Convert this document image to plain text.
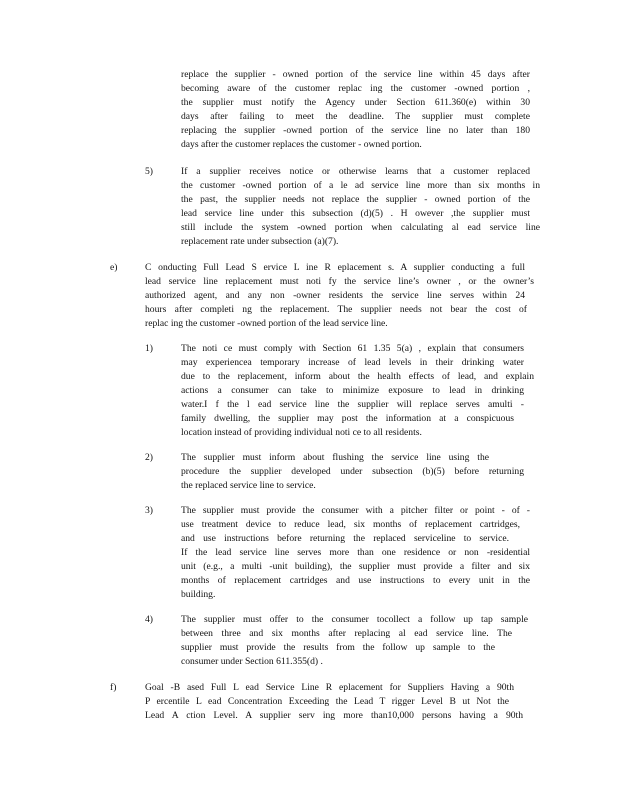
replace the supplier - owned portion of the service line within 45 days after
becoming aware of the customer replac ing the customer -owned portion ,
the supplier must notify the Agency under Section 611.360(e) within 30
days after failing to meet the deadline. The supplier must complete
replacing the supplier -owned portion of the service line no later than 180
days after the customer replaces the customer - owned portion.
5)	If a supplier receives notice or otherwise learns that a customer replaced
the customer -owned portion of a le ad service line more than six months in
the past, the supplier needs not replace the supplier - owned portion of the
lead service line under this subsection (d)(5) . H owever ,the supplier must
still include the system -owned portion when calculating al ead service line
replacement rate under subsection (a)(7).
e)	C onducting Full Lead S ervice L ine R eplacement s. A supplier conducting a full
lead service line replacement must noti fy the service line’s owner , or the owner’s
authorized agent, and any non -owner residents the service line serves within 24
hours after completi ng the replacement. The supplier needs not bear the cost of
replac ing the customer -owned portion of the lead service line.
1)	The noti ce must comply with Section 61 1.35 5(a) , explain that consumers
may experiencea temporary increase of lead levels in their drinking water
due to the replacement, inform about the health effects of lead, and explain
actions a consumer can take to minimize exposure to lead in drinking
water.I f the l ead service line the supplier will replace serves amulti -
family dwelling, the supplier may post the information at a conspicuous
location instead of providing individual noti ce to all residents.
2)	The supplier must inform about flushing the service line using the
procedure the supplier developed under subsection (b)(5) before returning
the replaced service line to service.
3)	The supplier must provide the consumer with a pitcher filter or point - of -
use treatment device to reduce lead, six months of replacement cartridges,
and use instructions before returning the replaced serviceline to service.
If the lead service line serves more than one residence or non -residential
unit (e.g., a multi -unit building), the supplier must provide a filter and six
months of replacement cartridges and use instructions to every unit in the
building.
4)	The supplier must offer to the consumer tocollect a follow up tap sample
between three and six months after replacing al ead service line. The
supplier must provide the results from the follow up sample to the
consumer under Section 611.355(d) .
f)	Goal -B ased Full L ead Service Line R eplacement for Suppliers Having a 90th
P ercentile L ead Concentration Exceeding the Lead T rigger Level B ut Not the
Lead A ction Level. A supplier serv ing more than10,000 persons having a 90th
